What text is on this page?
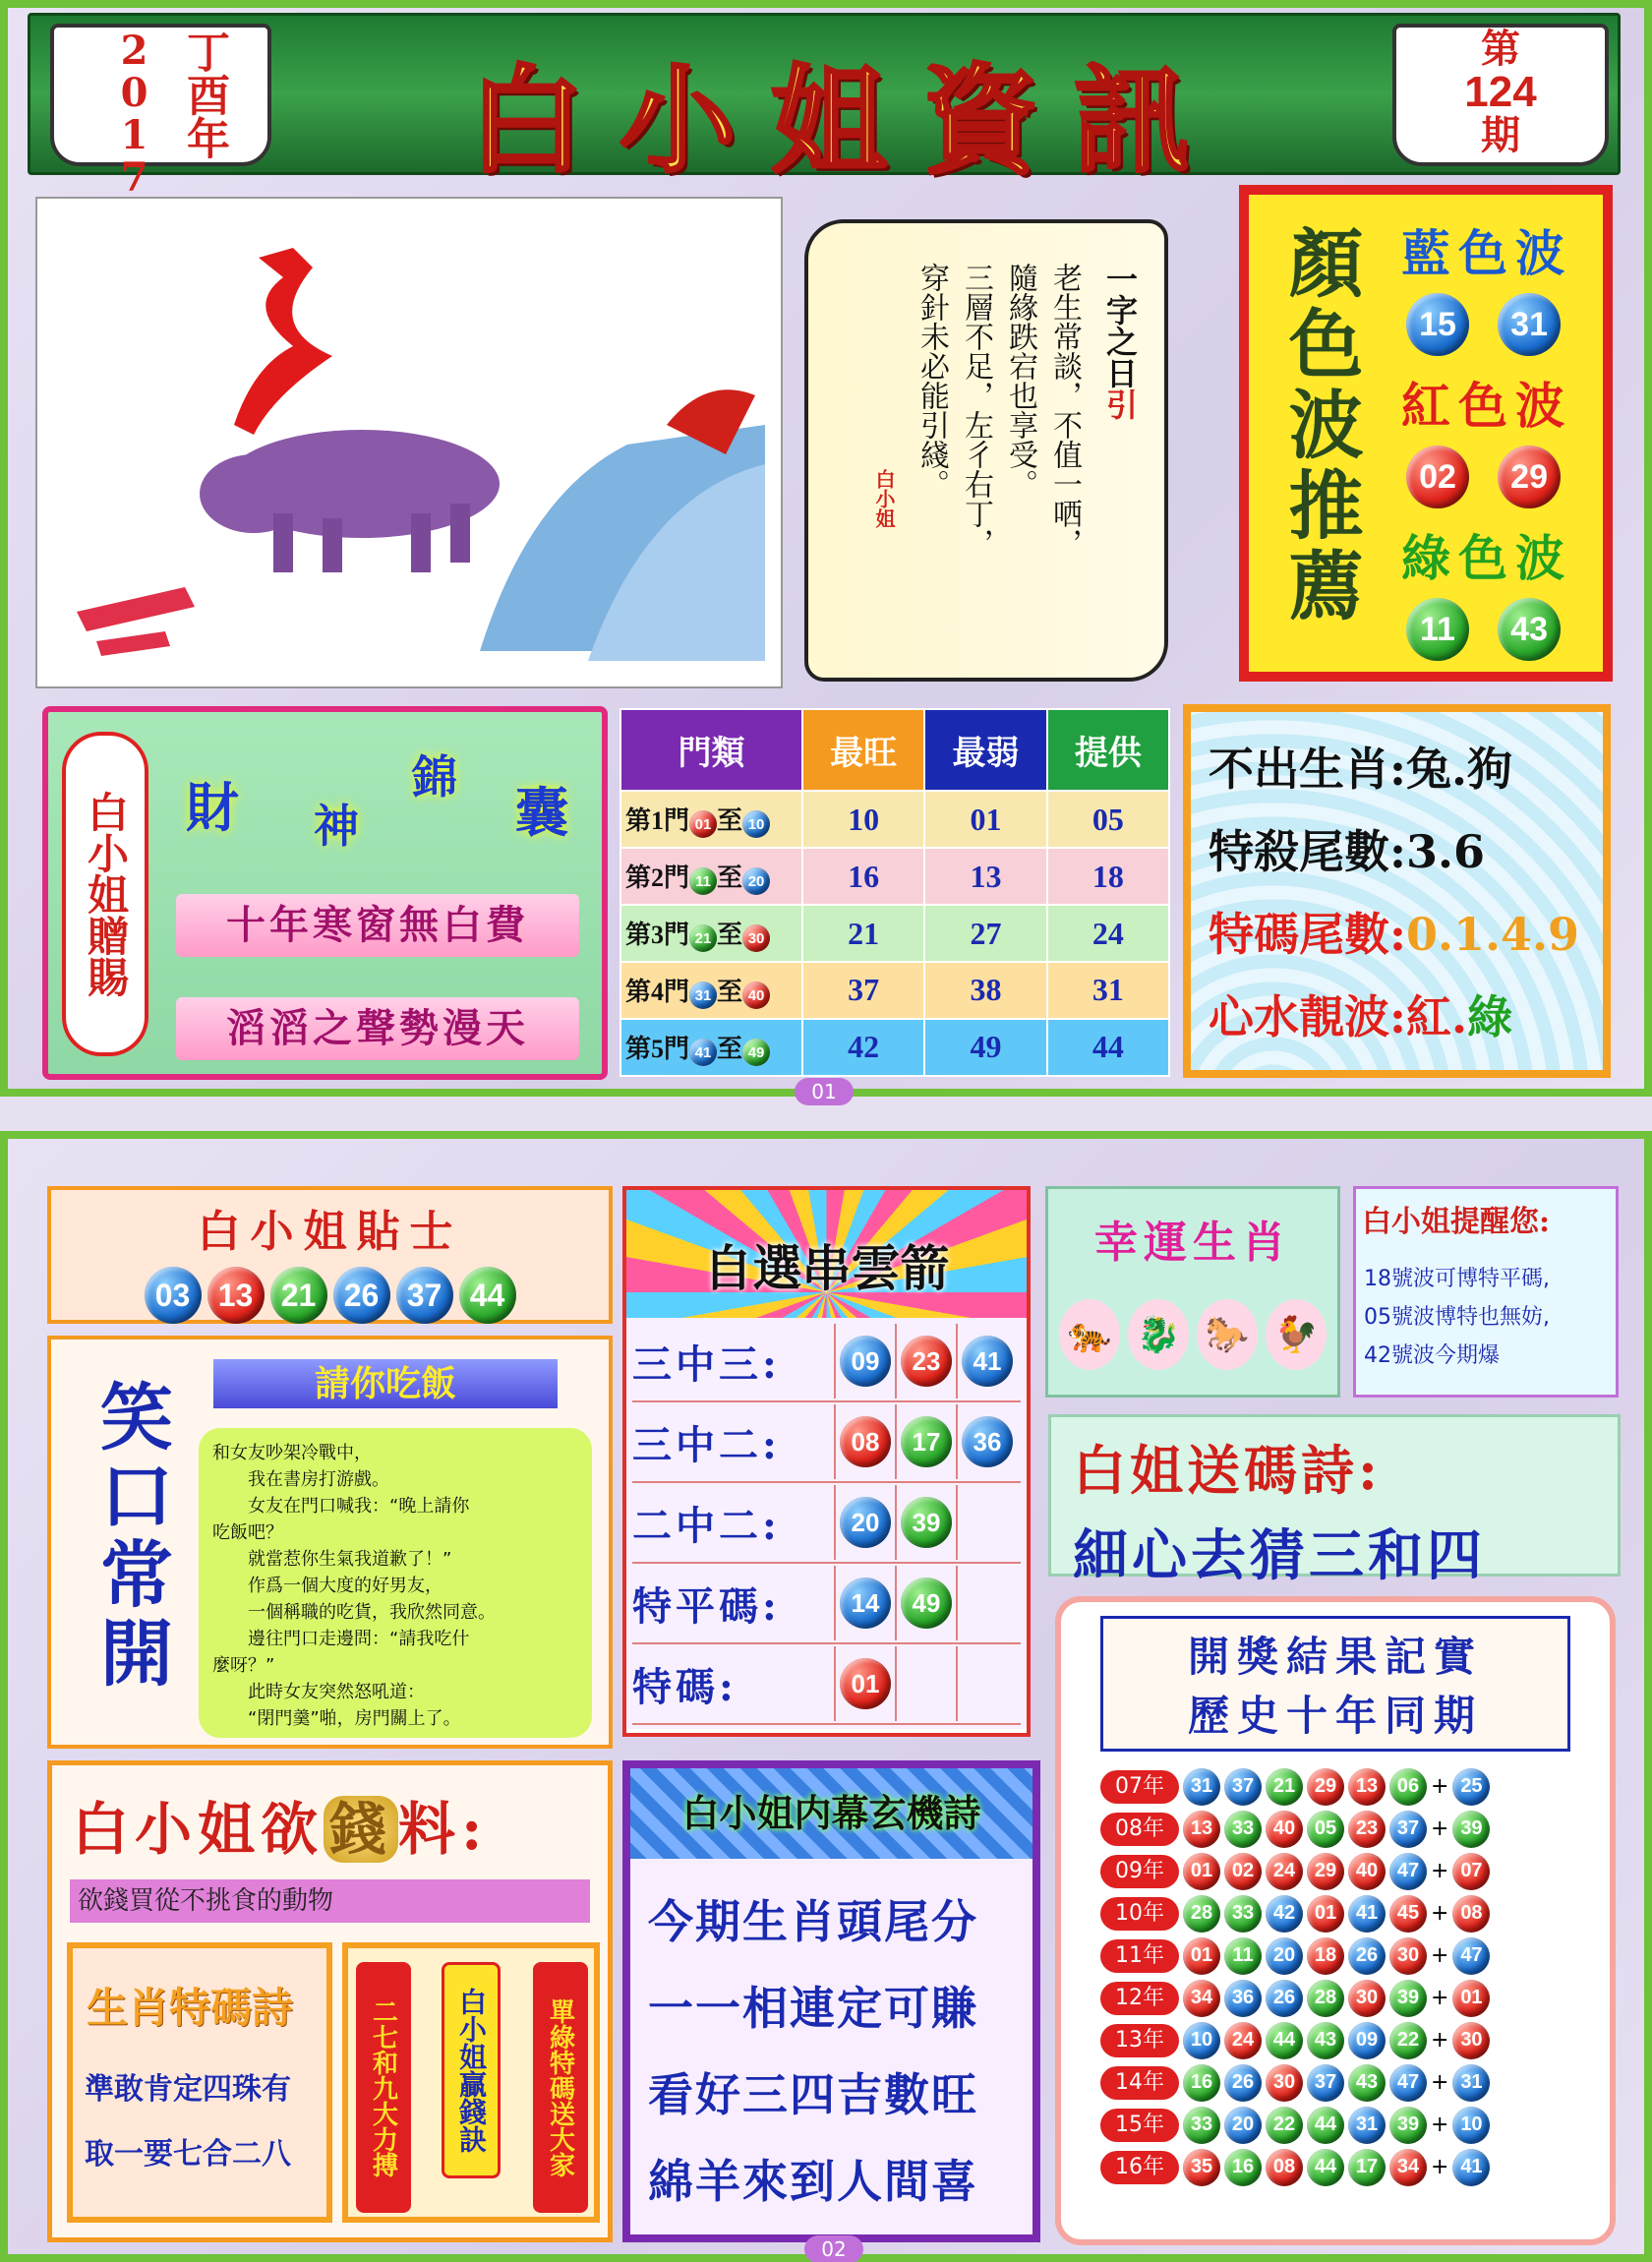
2017 丁酉年	白小姐資訊
第
124
期
一字之日引
老生常談，不值一哂，
隨緣跌宕也享受。
三層不足，左彳右丁，
穿針未必能引綫。
白小姐	顏色波推薦 藍色波
15 31
紅色波
02 29
綠色波
11 43
白小姐贈賜	財 神
錦
囊
十年寒窗無白費
滔滔之聲勢漫天
門類	最旺	最弱	提供
第1門 01 至 10	10	01	05
第2門 11 至 20	16	13	18
第3門 21 至 30	21	27	24
第4門 31 至 40	37	38	31
第5門 41 至 49	42	49	44
不出生肖:兔.狗
特殺尾數:3.6
特碼尾數:0.1.4.9
心水靚波:紅.綠
01
白小姐貼士
03 13 21 26 37 44
笑口常開	請你吃飯
和女友吵架冷戰中，
我在書房打游戲。
女友在門口喊我：“晚上請你
吃飯吧？
就當惹你生氣我道歉了！”
作爲一個大度的好男友，
一個稱職的吃貨，我欣然同意。
邊往門口走邊問：“請我吃什
麼呀？”
此時女友突然怒吼道：
“閉門羹”啪，房門關上了。
自選串雲箭
三中三:	09	23	41
三中二:	08	17	36
二中二:	20	39
特平碼:	14	49
特碼:	01
幸運生肖
🐅 🐉 🐎 🐓
白小姐提醒您:
18號波可博特平碼,
05號波博特也無妨,
42號波今期爆
白姐送碼詩:
細心去猜三和四
白小姐欲 錢 料:
欲錢買從不挑食的動物
生肖特碼詩
準敢肯定四珠有
取一要七合二八	二七和九大力搏	白小姐贏錢訣	單綠特碼送大家
白小姐内幕玄機詩
今期生肖頭尾分
一一相連定可賺
看好三四吉數旺
綿羊來到人間喜
開獎結果記實
歷史十年同期
07年	31 37 21 29 13 06 + 25
08年	13 33 40 05 23 37 + 39
09年	01 02 24 29 40 47 + 07
10年	28 33 42 01 41 45 + 08
11年	01	11	20 18 26 30 + 47
12年	34 36 26 28 30 39 + 01
13年	10 24 44 43 09 22 + 30
14年	16 26 30 37 43 47 + 31
15年	33 20 22 44 31 39 + 10
16年	35 16 08 44 17 34 + 41
02
